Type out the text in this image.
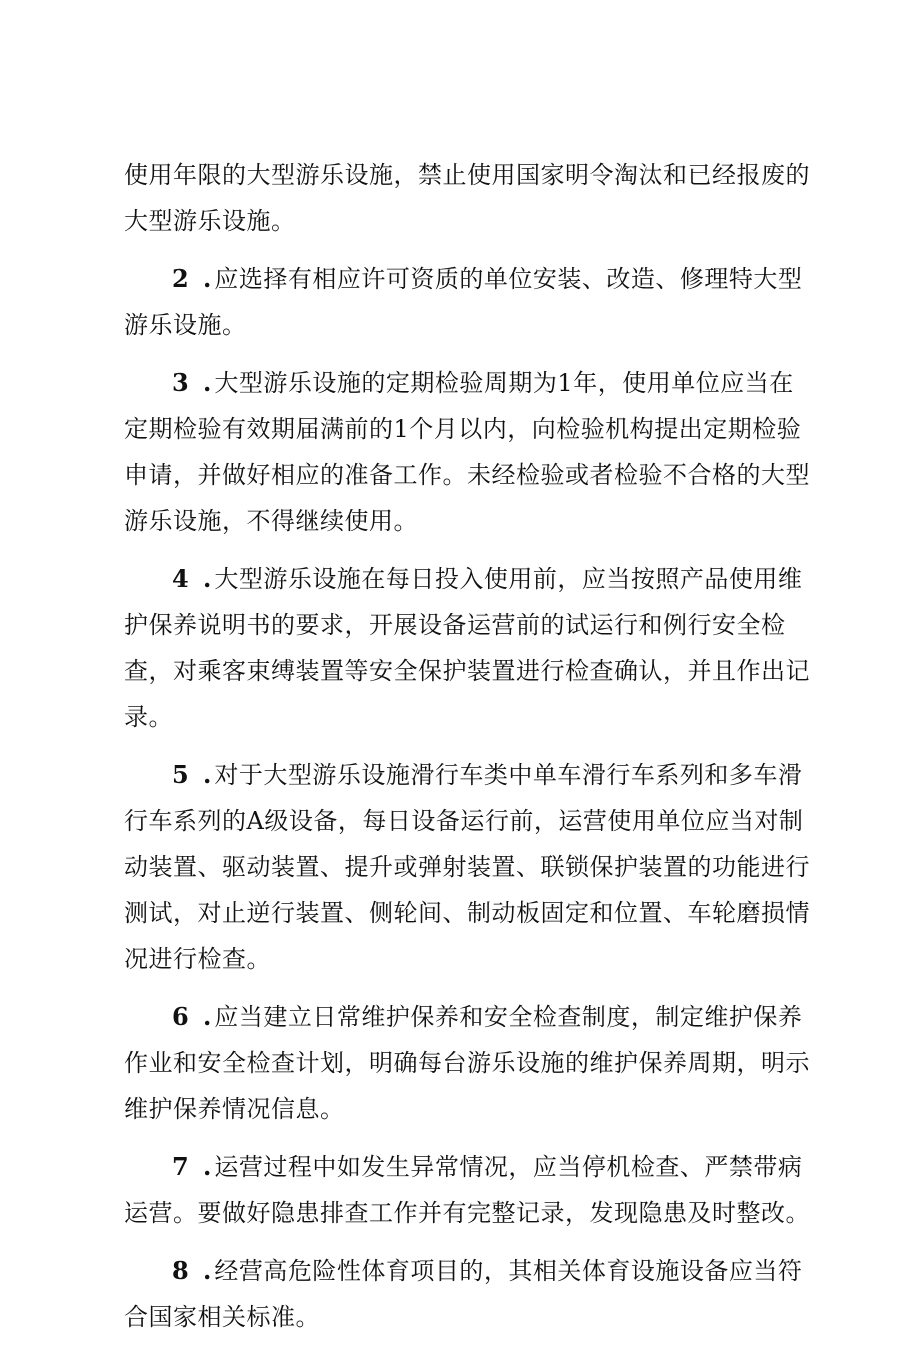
使用年限的大型游乐设施，禁止使用国家明令淘汰和已经报废的大型游乐设施。

2 .应选择有相应许可资质的单位安装、改造、修理特大型游乐设施。

3 .大型游乐设施的定期检验周期为1年，使用单位应当在定期检验有效期届满前的1个月以内，向检验机构提出定期检验申请，并做好相应的准备工作。未经检验或者检验不合格的大型游乐设施，不得继续使用。

4 .大型游乐设施在每日投入使用前，应当按照产品使用维护保养说明书的要求，开展设备运营前的试运行和例行安全检查，对乘客束缚装置等安全保护装置进行检查确认，并且作出记录。

5 .对于大型游乐设施滑行车类中单车滑行车系列和多车滑行车系列的A级设备，每日设备运行前，运营使用单位应当对制动装置、驱动装置、提升或弹射装置、联锁保护装置的功能进行测试，对止逆行装置、侧轮间、制动板固定和位置、车轮磨损情况进行检查。

6 .应当建立日常维护保养和安全检查制度，制定维护保养作业和安全检查计划，明确每台游乐设施的维护保养周期，明示维护保养情况信息。

7 .运营过程中如发生异常情况，应当停机检查、严禁带病运营。要做好隐患排查工作并有完整记录，发现隐患及时整改。

8 .经营高危险性体育项目的，其相关体育设施设备应当符合国家相关标准。
